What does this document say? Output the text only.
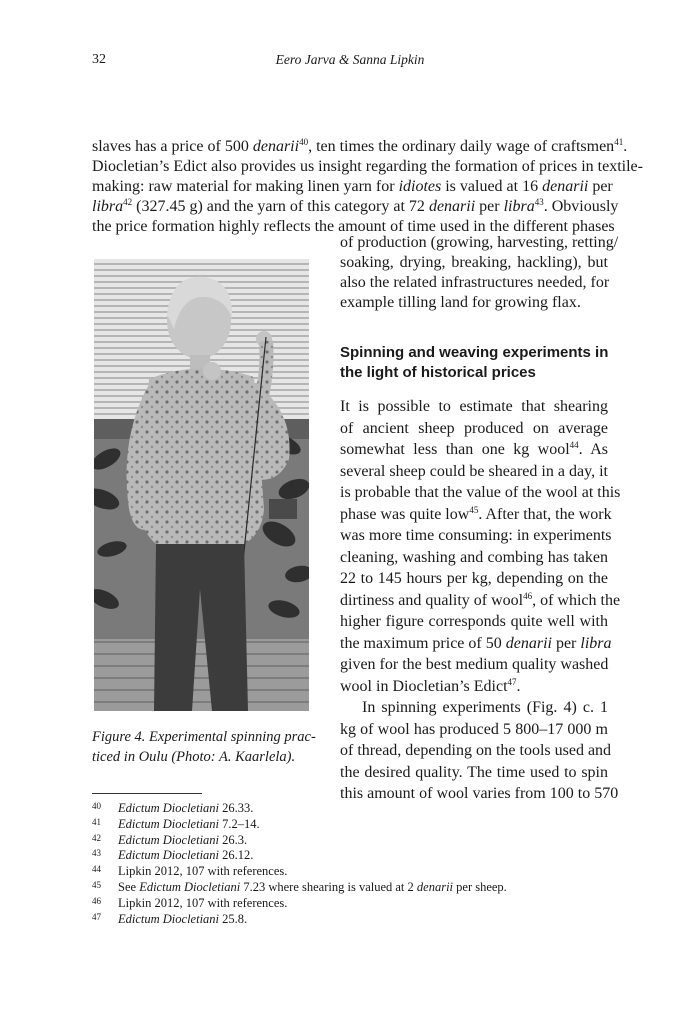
32	Eero Jarva & Sanna Lipkin
slaves has a price of 500 denarii$^{40}$, ten times the ordinary daily wage of craftsmen$^{41}$.
Diocletian’s Edict also provides us insight regarding the formation of prices in textile-
making: raw material for making linen yarn for idiotes is valued at 16 denarii per
libra$^{42}$ (327.45 g) and the yarn of this category at 72 denarii per libra$^{43}$. Obviously
the price formation highly reflects the amount of time used in the different phases
of production (growing, harvesting, retting/
soaking, drying, breaking, hackling), but
also the related infrastructures needed, for
example tilling land for growing flax.
Spinning and weaving experiments in
the light of historical prices
It is possible to estimate that shearing
of ancient sheep produced on average
somewhat less than one kg wool$^{44}$. As
several sheep could be sheared in a day, it
is probable that the value of the wool at this
phase was quite low$^{45}$. After that, the work
was more time consuming: in experiments
cleaning, washing and combing has taken
22 to 145 hours per kg, depending on the
dirtiness and quality of wool$^{46}$, of which the
higher figure corresponds quite well with
the maximum price of 50 denarii per libra
given for the best medium quality washed
wool in Diocletian’s Edict$^{47}$.
In spinning experiments (Fig. 4) c. 1
kg of wool has produced 5 800–17 000 m
of thread, depending on the tools used and
the desired quality. The time used to spin
this amount of wool varies from 100 to 570
Figure 4. Experimental spinning prac-
ticed in Oulu (Photo: A. Kaarlela).
40 Edictum Diocletiani 26.33.
41 Edictum Diocletiani 7.2–14.
42 Edictum Diocletiani 26.3.
43 Edictum Diocletiani 26.12.
44 Lipkin 2012, 107 with references.
45 See Edictum Diocletiani 7.23 where shearing is valued at 2 denarii per sheep.
46 Lipkin 2012, 107 with references.
47 Edictum Diocletiani 25.8.
